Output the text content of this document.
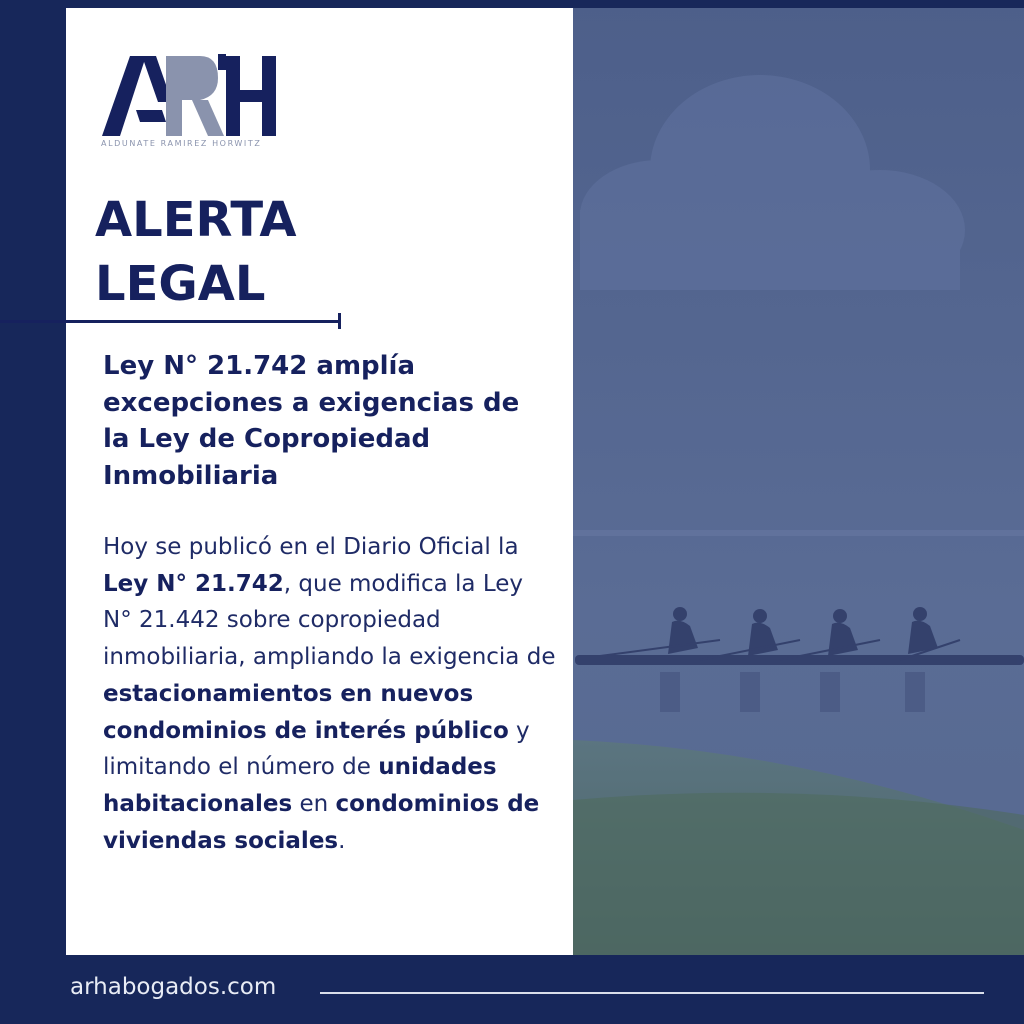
ALDUNATE RAMIREZ HORWITZ
ALERTA
LEGAL
Ley N° 21.742 amplía excepciones a exigencias de la Ley de Copropiedad Inmobiliaria

Hoy se publicó en el Diario Oficial la Ley N° 21.742, que modifica la Ley N° 21.442 sobre copropiedad inmobiliaria, ampliando la exigencia de estacionamientos en nuevos condominios de interés público y limitando el número de unidades habitacionales en condominios de viviendas sociales.

arhabogados.com
